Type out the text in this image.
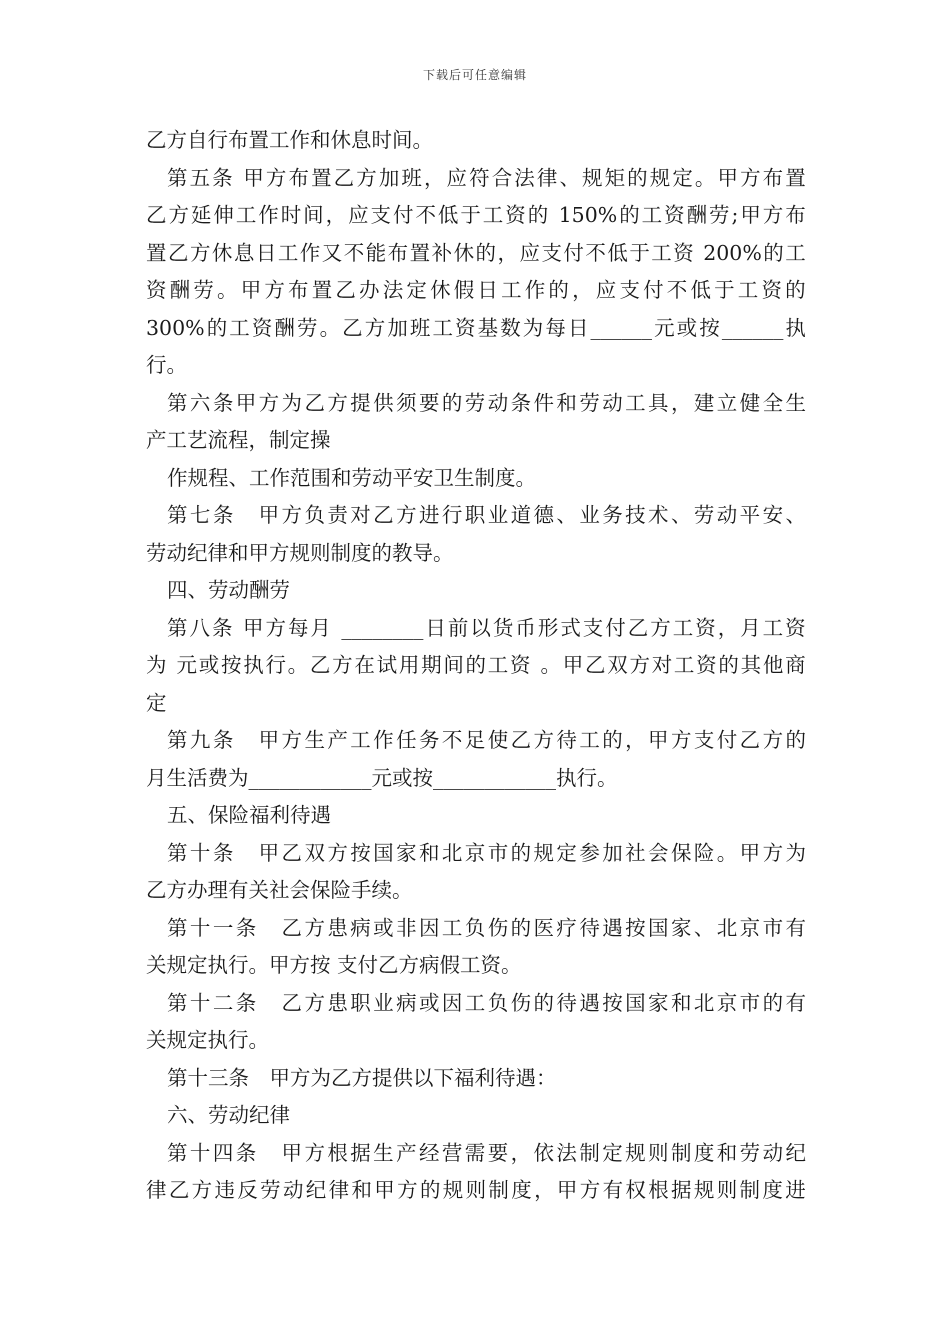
下载后可任意编辑
乙方自行布置工作和休息时间。
第 五 条
甲 方 布 置 乙 方 加 班 ， 应 符 合 法 律 、 规 矩 的 规 定 。 甲 方 布 置
乙 方 延 伸 工 作 时 间 ， 应 支 付 不 低 于 工 资 的
150% 的 工 资 酬 劳 ; 甲 方 布
置 乙 方 休 息 日 工 作 又 不 能 布 置 补 休 的 ， 应 支 付 不 低 于 工 资
200% 的 工
资 酬 劳 。 甲 方 布 置 乙 办 法 定 休 假 日 工 作 的 ， 应 支 付 不 低 于 工 资 的
300% 的 工 资 酬 劳 。 乙 方 加 班 工 资 基 数 为 每 日 ______ 元 或 按 ______ 执
行。
第 六 条 甲 方 为 乙 方 提 供 须 要 的 劳 动 条 件 和 劳 动 工 具 ， 建 立 健 全 生
产工艺流程，制定操
作规程、工作范围和劳动平安卫生制度。
第 七 条
　 甲 方 负 责 对 乙 方 进 行 职 业 道 德 、 业 务 技 术 、 劳 动 平 安 、
劳动纪律和甲方规则制度的教导。
四、劳动酬劳
第 八 条
甲 方 每 月
________ 日 前 以 货 币 形 式 支 付 乙 方 工 资 ， 月 工 资
为
元 或 按 执 行 。 乙 方 在 试 用 期 间 的 工 资
。 甲 乙 双 方 对 工 资 的 其 他 商
定
第 九 条
　 甲 方 生 产 工 作 任 务 不 足 使 乙 方 待 工 的 ， 甲 方 支 付 乙 方 的
月生活费为____________元或按____________执行。
五、保险福利待遇
第 十 条
　 甲 乙 双 方 按 国 家 和 北 京 市 的 规 定 参 加 社 会 保 险 。 甲 方 为
乙方办理有关社会保险手续。
第 十 一 条
　 乙 方 患 病 或 非 因 工 负 伤 的 医 疗 待 遇 按 国 家 、 北 京 市 有
关规定执行。甲方按 支付乙方病假工资。
第 十 二 条
　 乙 方 患 职 业 病 或 因 工 负 伤 的 待 遇 按 国 家 和 北 京 市 的 有
关规定执行。
第十三条　甲方为乙方提供以下福利待遇：
六、劳动纪律
第 十 四 条
　 甲 方 根 据 生 产 经 营 需 要 ， 依 法 制 定 规 则 制 度 和 劳 动 纪
律 乙 方 违 反 劳 动 纪 律 和 甲 方 的 规 则 制 度 ， 甲 方 有 权 根 据 规 则 制 度 进
